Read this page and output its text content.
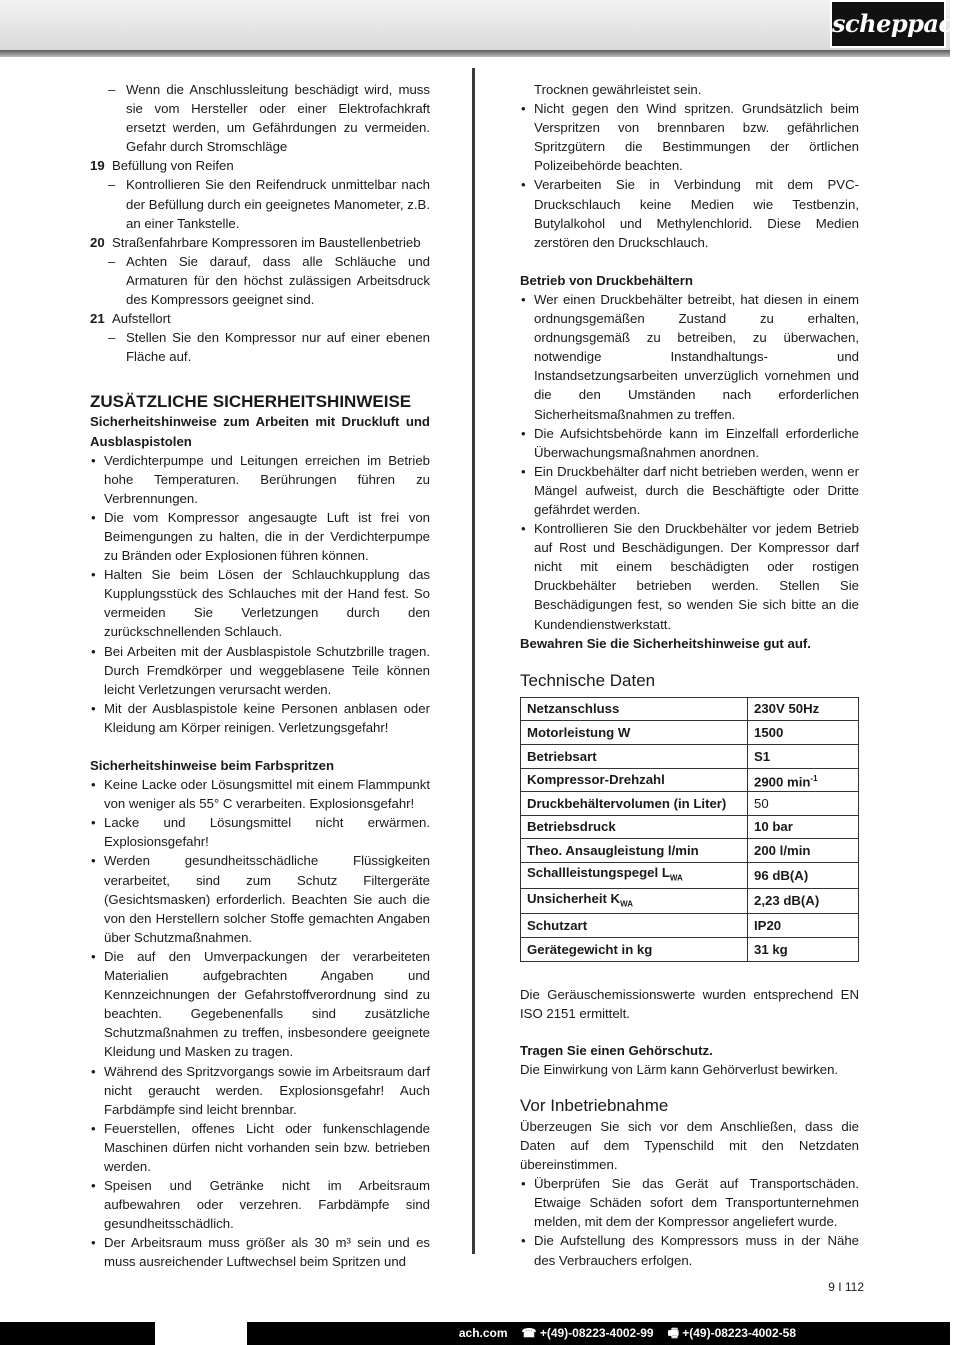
scheppach

– Wenn die Anschlussleitung beschädigt wird, muss sie vom Hersteller oder einer Elektrofachkraft ersetzt werden, um Gefährdungen zu vermeiden. Gefahr durch Stromschläge

19 Befüllung von Reifen

– Kontrollieren Sie den Reifendruck unmittelbar nach der Befüllung durch ein geeignetes Manometer, z.B. an einer Tankstelle.

20 Straßenfahrbare Kompressoren im Baustellenbetrieb

– Achten Sie darauf, dass alle Schläuche und Armaturen für den höchst zulässigen Arbeitsdruck des Kompressors geeignet sind.

21 Aufstellort

– Stellen Sie den Kompressor nur auf einer ebenen Fläche auf.

ZUSÄTZLICHE SICHERHEITSHINWEISE
Sicherheitshinweise zum Arbeiten mit Druckluft und Ausblaspistolen

• Verdichterpumpe und Leitungen erreichen im Betrieb hohe Temperaturen. Berührungen führen zu Verbrennungen.

• Die vom Kompressor angesaugte Luft ist frei von Beimengungen zu halten, die in der Verdichterpumpe zu Bränden oder Explosionen führen können.

• Halten Sie beim Lösen der Schlauchkupplung das Kupplungsstück des Schlauches mit der Hand fest. So vermeiden Sie Verletzungen durch den zurückschnellenden Schlauch.

• Bei Arbeiten mit der Ausblaspistole Schutzbrille tragen. Durch Fremdkörper und weggeblasene Teile können leicht Verletzungen verursacht werden.

• Mit der Ausblaspistole keine Personen anblasen oder Kleidung am Körper reinigen. Verletzungsgefahr!

Sicherheitshinweise beim Farbspritzen

• Keine Lacke oder Lösungsmittel mit einem Flammpunkt von weniger als 55° C verarbeiten. Explosionsgefahr!

• Lacke und Lösungsmittel nicht erwärmen. Explosionsgefahr!

• Werden gesundheitsschädliche Flüssigkeiten verarbeitet, sind zum Schutz Filtergeräte (Gesichtsmasken) erforderlich. Beachten Sie auch die von den Herstellern solcher Stoffe gemachten Angaben über Schutzmaßnahmen.

• Die auf den Umverpackungen der verarbeiteten Materialien aufgebrachten Angaben und Kennzeichnungen der Gefahrstoffverordnung sind zu beachten. Gegebenenfalls sind zusätzliche Schutzmaßnahmen zu treffen, insbesondere geeignete Kleidung und Masken zu tragen.

• Während des Spritzvorgangs sowie im Arbeitsraum darf nicht geraucht werden. Explosionsgefahr! Auch Farbdämpfe sind leicht brennbar.

• Feuerstellen, offenes Licht oder funkenschlagende Maschinen dürfen nicht vorhanden sein bzw. betrieben werden.

• Speisen und Getränke nicht im Arbeitsraum aufbewahren oder verzehren. Farbdämpfe sind gesundheitsschädlich.

• Der Arbeitsraum muss größer als 30 m³ sein und es muss ausreichender Luftwechsel beim Spritzen und

Trocknen gewährleistet sein.

• Nicht gegen den Wind spritzen. Grundsätzlich beim Verspritzen von brennbaren bzw. gefährlichen Spritzgütern die Bestimmungen der örtlichen Polizeibehörde beachten.

• Verarbeiten Sie in Verbindung mit dem PVC-Druckschlauch keine Medien wie Testbenzin, Butylalkohol und Methylenchlorid. Diese Medien zerstören den Druckschlauch.

Betrieb von Druckbehältern

• Wer einen Druckbehälter betreibt, hat diesen in einem ordnungsgemäßen Zustand zu erhalten, ordnungsgemäß zu betreiben, zu überwachen, notwendige Instandhaltungs- und Instandsetzungsarbeiten unverzüglich vornehmen und die den Umständen nach erforderlichen Sicherheitsmaßnahmen zu treffen.

• Die Aufsichtsbehörde kann im Einzelfall erforderliche Überwachungsmaßnahmen anordnen.

• Ein Druckbehälter darf nicht betrieben werden, wenn er Mängel aufweist, durch die Beschäftigte oder Dritte gefährdet werden.

• Kontrollieren Sie den Druckbehälter vor jedem Betrieb auf Rost und Beschädigungen. Der Kompressor darf nicht mit einem beschädigten oder rostigen Druckbehälter betrieben werden. Stellen Sie Beschädigungen fest, so wenden Sie sich bitte an die Kundendienstwerkstatt.

Bewahren Sie die Sicherheitshinweise gut auf.

Technische Daten
Netzanschluss	230V 50Hz
Motorleistung W	1500
Betriebsart	S1
Kompressor-Drehzahl	2900 $\min^{-1}$
Druckbehältervolumen (in Liter)	50
Betriebsdruck	10 bar
Theo. Ansaugleistung l/min	200 l/min
Schallleistungspegel $L_{WA}$	96 dB(A)
Unsicherheit $K_{WA}$	2,23 dB(A)
Schutzart	IP20
Gerätegewicht in kg	31 kg

Die Geräuschemissionswerte wurden entsprechend EN ISO 2151 ermittelt.

Tragen Sie einen Gehörschutz.

Die Einwirkung von Lärm kann Gehörverlust bewirken.

Vor Inbetriebnahme

Überzeugen Sie sich vor dem Anschließen, dass die Daten auf dem Typenschild mit den Netzdaten übereinstimmen.

• Überprüfen Sie das Gerät auf Transportschäden. Etwaige Schäden sofort dem Transportunternehmen melden, mit dem der Kompressor angeliefert wurde.

• Die Aufstellung des Kompressors muss in der Nähe des Verbrauchers erfolgen.

9 I 112
ach.com ☎ +(49)-08223-4002-99 🖷 +(49)-08223-4002-58
